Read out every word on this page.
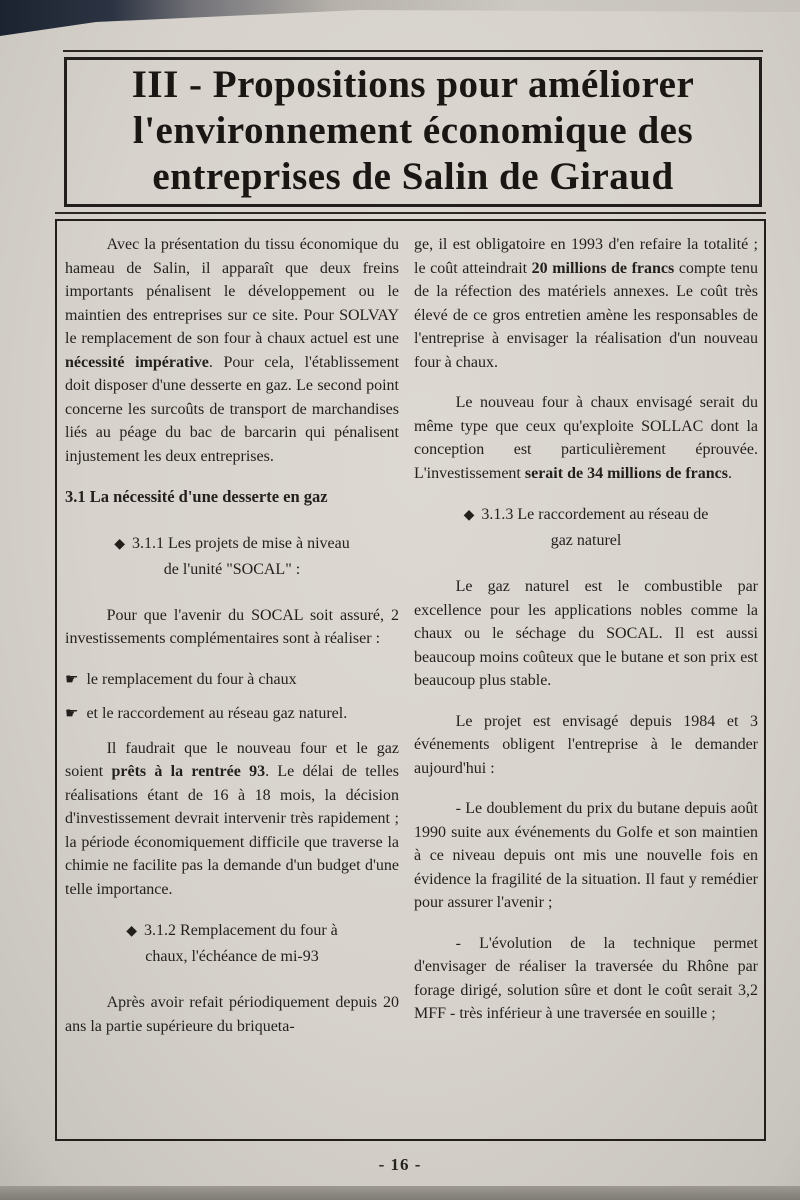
III - Propositions pour améliorer
l'environnement économique des
entreprises de Salin de Giraud
Avec la présentation du tissu économique du hameau de Salin, il apparaît que deux freins importants pénalisent le développement ou le maintien des entreprises sur ce site. Pour SOLVAY le remplacement de son four à chaux actuel est une nécessité impérative. Pour cela, l'établissement doit disposer d'une desserte en gaz. Le second point concerne les surcoûts de transport de marchandises liés au péage du bac de barcarin qui pénalisent injustement les deux entreprises.
3.1 La nécessité d'une desserte en gaz
◆ 3.1.1 Les projets de mise à niveau
de l'unité "SOCAL" :
Pour que l'avenir du SOCAL soit assuré, 2 investissements complémentaires sont à réaliser :
☛ le remplacement du four à chaux
☛ et le raccordement au réseau gaz naturel.
Il faudrait que le nouveau four et le gaz soient prêts à la rentrée 93. Le délai de telles réalisations étant de 16 à 18 mois, la décision d'investissement devrait intervenir très rapidement ; la période économiquement difficile que traverse la chimie ne facilite pas la demande d'un budget d'une telle importance.
◆ 3.1.2 Remplacement du four à
chaux, l'échéance de mi-93
Après avoir refait périodiquement depuis 20 ans la partie supérieure du briqueta-
ge, il est obligatoire en 1993 d'en refaire la totalité ; le coût atteindrait 20 millions de francs compte tenu de la réfection des matériels annexes. Le coût très élevé de ce gros entretien amène les responsables de l'entreprise à envisager la réalisation d'un nouveau four à chaux.
Le nouveau four à chaux envisagé serait du même type que ceux qu'exploite SOLLAC dont la conception est particulièrement éprouvée. L'investissement serait de 34 millions de francs.
◆ 3.1.3 Le raccordement au réseau de
gaz naturel
Le gaz naturel est le combustible par excellence pour les applications nobles comme la chaux ou le séchage du SOCAL. Il est aussi beaucoup moins coûteux que le butane et son prix est beaucoup plus stable.
Le projet est envisagé depuis 1984 et 3 événements obligent l'entreprise à le demander aujourd'hui :
- Le doublement du prix du butane depuis août 1990 suite aux événements du Golfe et son maintien à ce niveau depuis ont mis une nouvelle fois en évidence la fragilité de la situation. Il faut y remédier pour assurer l'avenir ;
- L'évolution de la technique permet d'envisager de réaliser la traversée du Rhône par forage dirigé, solution sûre et dont le coût serait 3,2 MFF - très inférieur à une traversée en souille ;
- 16 -
